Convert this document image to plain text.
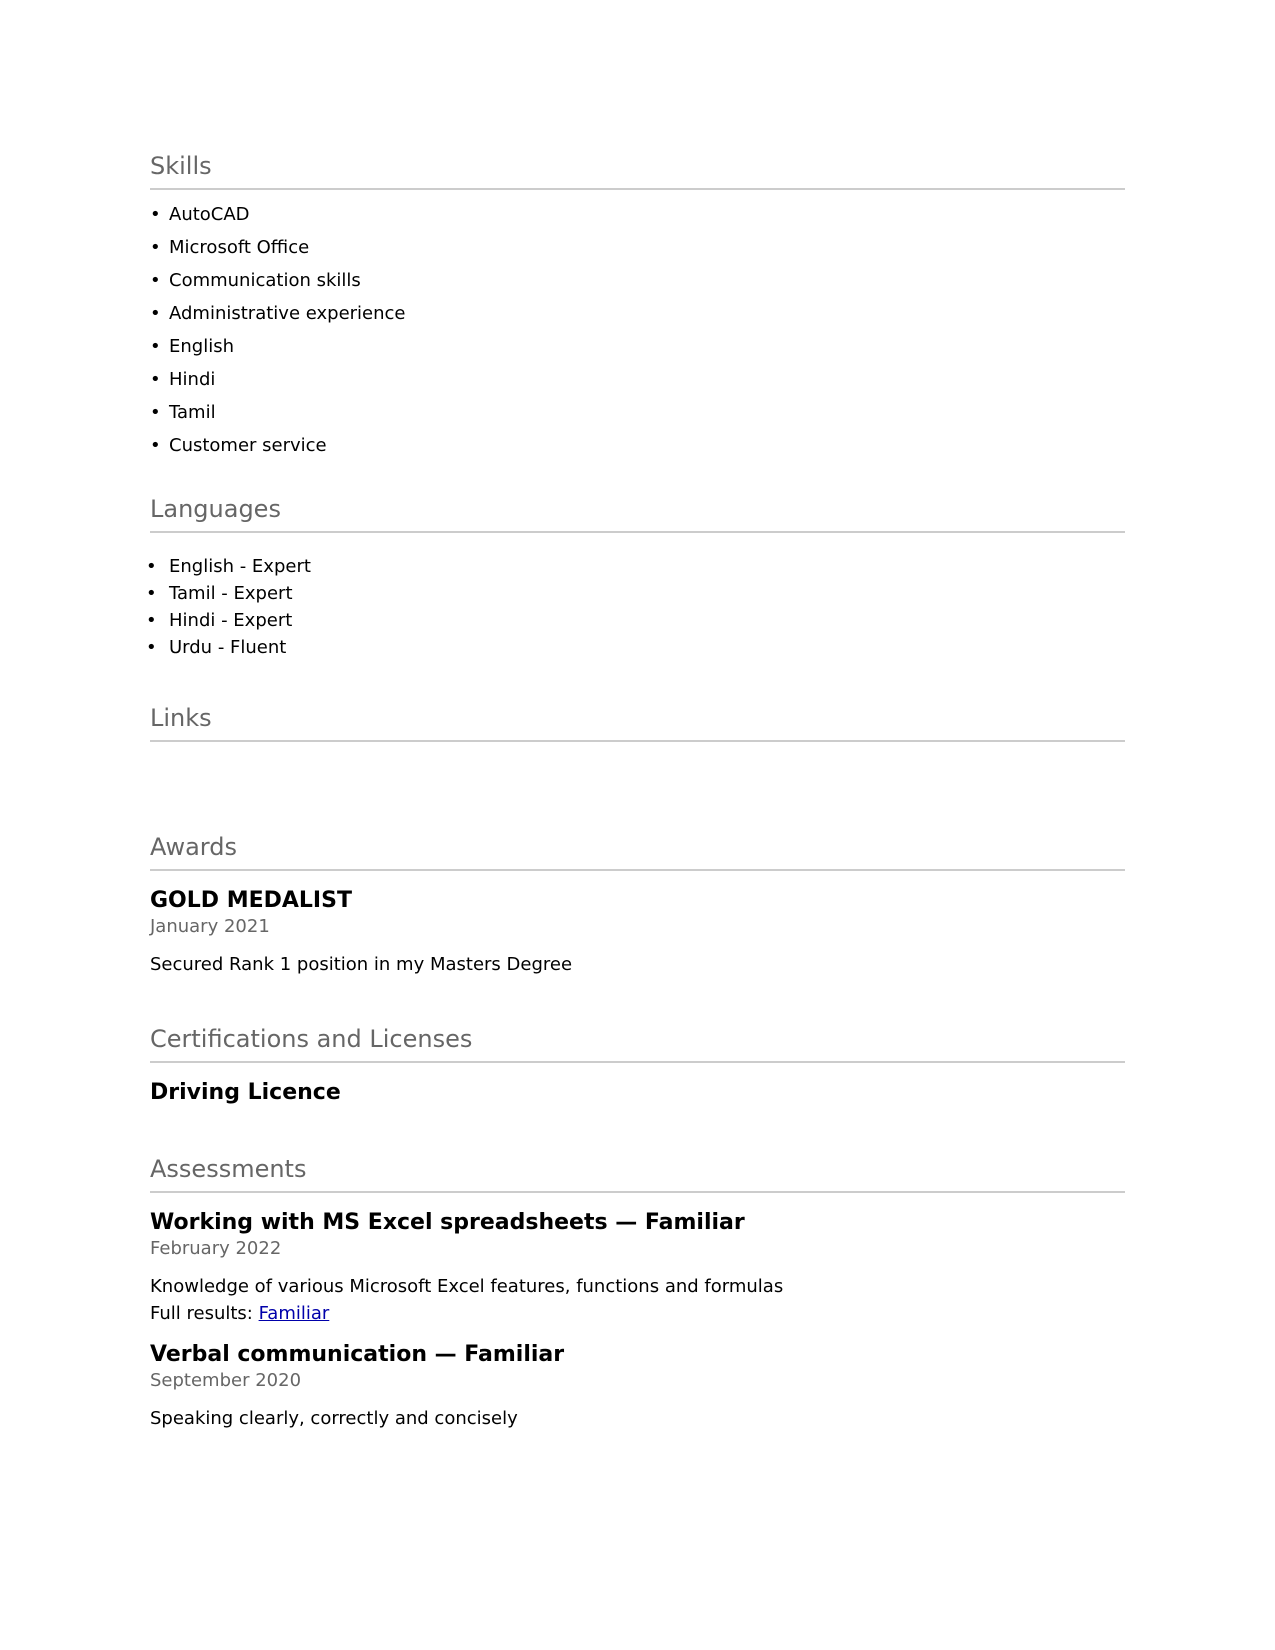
Skills
• AutoCAD
• Microsoft Office
• Communication skills
• Administrative experience
• English
• Hindi
• Tamil
• Customer service
Languages
• English - Expert
• Tamil - Expert
• Hindi - Expert
• Urdu - Fluent
Links
Awards
GOLD MEDALIST
January 2021
Secured Rank 1 position in my Masters Degree
Certifications and Licenses
Driving Licence
Assessments
Working with MS Excel spreadsheets — Familiar
February 2022
Knowledge of various Microsoft Excel features, functions and formulas
Full results: Familiar
Verbal communication — Familiar
September 2020
Speaking clearly, correctly and concisely
